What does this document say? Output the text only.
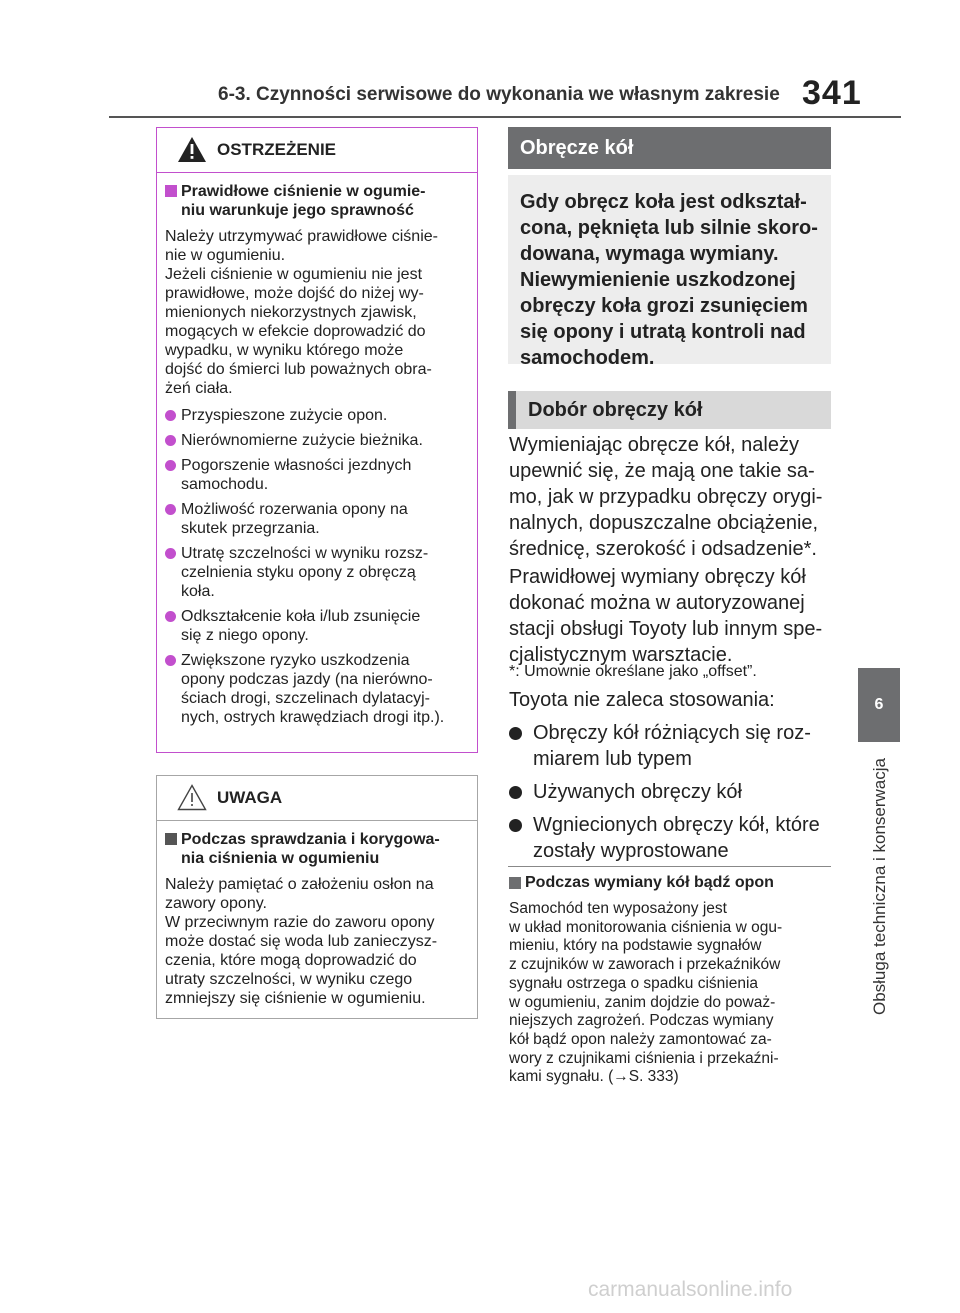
6-3. Czynności serwisowe do wykonania we własnym zakresie 341
6
Obsługa techniczna i konserwacja
OSTRZEŻENIE
Prawidłowe ciśnienie w ogumie-
niu warunkuje jego sprawność
Należy utrzymywać prawidłowe ciśnie-
nie w ogumieniu.
Jeżeli ciśnienie w ogumieniu nie jest
prawidłowe, może dojść do niżej wy-
mienionych niekorzystnych zjawisk,
mogących w efekcie doprowadzić do
wypadku, w wyniku którego może
dojść do śmierci lub poważnych obra-
żeń ciała.
Przyspieszone zużycie opon.
Nierównomierne zużycie bieżnika.
Pogorszenie własności jezdnych
samochodu.
Możliwość rozerwania opony na
skutek przegrzania.
Utratę szczelności w wyniku rozsz-
czelnienia styku opony z obręczą
koła.
Odkształcenie koła i/lub zsunięcie
się z niego opony.
Zwiększone ryzyko uszkodzenia
opony podczas jazdy (na nierówno-
ściach drogi, szczelinach dylatacyj-
nych, ostrych krawędziach drogi itp.).
UWAGA
Podczas sprawdzania i korygowa-
nia ciśnienia w ogumieniu
Należy pamiętać o założeniu osłon na
zawory opony.
W przeciwnym razie do zaworu opony
może dostać się woda lub zanieczysz-
czenia, które mogą doprowadzić do
utraty szczelności, w wyniku czego
zmniejszy się ciśnienie w ogumieniu.
Obręcze kół
Gdy obręcz koła jest odkształ-
cona, pęknięta lub silnie skoro-
dowana, wymaga wymiany.
Niewymienienie uszkodzonej
obręczy koła grozi zsunięciem
się opony i utratą kontroli nad
samochodem.
Dobór obręczy kół
Wymieniając obręcze kół, należy
upewnić się, że mają one takie sa-
mo, jak w przypadku obręczy orygi-
nalnych, dopuszczalne obciążenie,
średnicę, szerokość i odsadzenie*.
Prawidłowej wymiany obręczy kół
dokonać można w autoryzowanej
stacji obsługi Toyoty lub innym spe-
cjalistycznym warsztacie.
*: Umownie określane jako „offset”.
Toyota nie zaleca stosowania:
Obręczy kół różniących się roz-
miarem lub typem
Używanych obręczy kół
Wgniecionych obręczy kół, które
zostały wyprostowane
Podczas wymiany kół bądź opon
Samochód ten wyposażony jest
w układ monitorowania ciśnienia w ogu-
mieniu, który na podstawie sygnałów
z czujników w zaworach i przekaźników
sygnału ostrzega o spadku ciśnienia
w ogumieniu, zanim dojdzie do poważ-
niejszych zagrożeń. Podczas wymiany
kół bądź opon należy zamontować za-
wory z czujnikami ciśnienia i przekaźni-
kami sygnału. (→S. 333)
carmanualsonline.info
